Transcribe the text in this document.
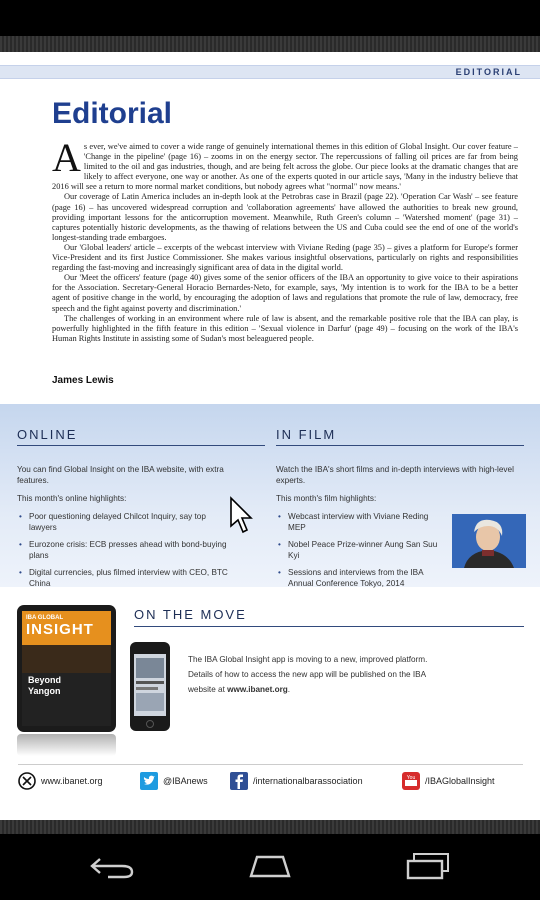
EDITORIAL
Editorial

As ever, we've aimed to cover a wide range of genuinely international themes in this edition of Global Insight. Our cover feature – 'Change in the pipeline' (page 16) – zooms in on the energy sector. The repercussions of falling oil prices are far from being limited to the oil and gas industries, though, and are being felt across the globe. Our piece looks at the dramatic changes that are likely to affect everyone, one way or another. As one of the experts quoted in our article says, 'Many in the industry believe that 2016 will see a return to more normal market conditions, but nobody agrees what "normal" now means.'

Our coverage of Latin America includes an in-depth look at the Petrobras case in Brazil (page 22). 'Operation Car Wash' – see feature (page 16) – has uncovered widespread corruption and 'collaboration agreements' have allowed the authorities to break new ground, providing important lessons for the anticorruption movement. Meanwhile, Ruth Green's column – 'Watershed moment' (page 31) – captures potentially historic developments, as the thawing of relations between the US and Cuba could see the end of one of the world's longest-standing trade embargoes.

Our 'Global leaders' article – excerpts of the webcast interview with Viviane Reding (page 35) – gives a platform for Europe's former Vice-President and its first Justice Commissioner. She makes various insightful observations, particularly on rights and responsibilities regarding the fast-moving and increasingly significant area of data in the digital world.

Our 'Meet the officers' feature (page 40) gives some of the senior officers of the IBA an opportunity to give voice to their aspirations for the Association. Secretary-General Horacio Bernardes-Neto, for example, says, 'My intention is to work for the IBA to be a better agent of positive change in the world, by encouraging the adoption of laws and regulations that promote the rule of law, democracy, free speech and the fight against poverty and discrimination.'

The challenges of working in an environment where rule of law is absent, and the remarkable positive role that the IBA can play, is powerfully highlighted in the fifth feature in this edition – 'Sexual violence in Darfur' (page 49) – focusing on the work of the IBA's Human Rights Institute in assisting some of Sudan's most beleaguered people.

James Lewis
ONLINE

You can find Global Insight on the IBA website, with extra features.

This month's online highlights:

• Poor questioning delayed Chilcot Inquiry, say top lawyers
• Eurozone crisis: ECB presses ahead with bond-buying plans
• Digital currencies, plus filmed interview with CEO, BTC China
IN FILM

Watch the IBA's short films and in-depth interviews with high-level experts.

This month's film highlights:

• Webcast interview with Viviane Reding MEP
• Nobel Peace Prize-winner Aung San Suu Kyi
• Sessions and interviews from the IBA Annual Conference Tokyo, 2014
IBA GLOBAL
INSIGHT
Beyond
Yangon
ON THE MOVE
The IBA Global Insight app is moving to a new, improved platform.
Details of how to access the new app will be published on the IBA
website at www.ibanet.org.
www.ibanet.org	@IBAnews	/internationalbarassociation	You /IBAGlobalInsight
